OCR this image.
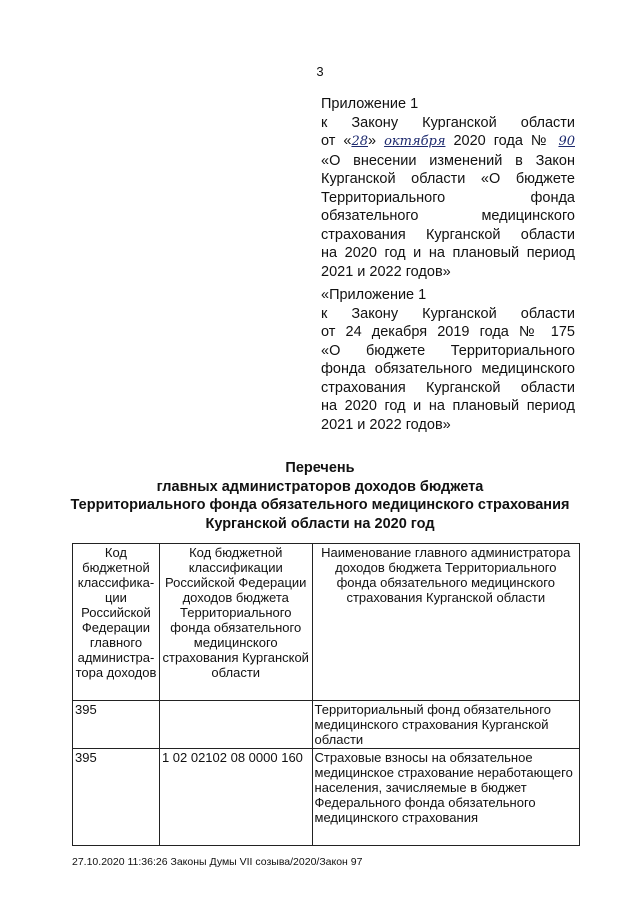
3
Приложение 1
к Закону Курганской области
от «28» октября 2020 года № 90
«О внесении изменений в Закон
Курганской области «О бюджете
Территориального фонда
обязательного медицинского
страхования Курганской области
на 2020 год и на плановый период
2021 и 2022 годов»
«Приложение 1
к Закону Курганской области
от 24 декабря 2019 года № 175
«О бюджете Территориального
фонда обязательного медицинского
страхования Курганской области
на 2020 год и на плановый период
2021 и 2022 годов»
Перечень
главных администраторов доходов бюджета
Территориального фонда обязательного медицинского страхования
Курганской области на 2020 год
Код бюджетной классифика-ции Российской Федерации главного администра-тора доходов	Код бюджетной классификации Российской Федерации доходов бюджета Территориального фонда обязательного медицинского страхования Курганской области	Наименование главного администратора доходов бюджета Территориального фонда обязательного медицинского страхования Курганской области
395		Территориальный фонд обязательного медицинского страхования Курганской области
395	1 02 02102 08 0000 160	Страховые взносы на обязательное медицинское страхование неработающего населения, зачисляемые в бюджет Федерального фонда обязательного медицинского страхования
27.10.2020 11:36:26 Законы Думы VII созыва/2020/Закон 97
